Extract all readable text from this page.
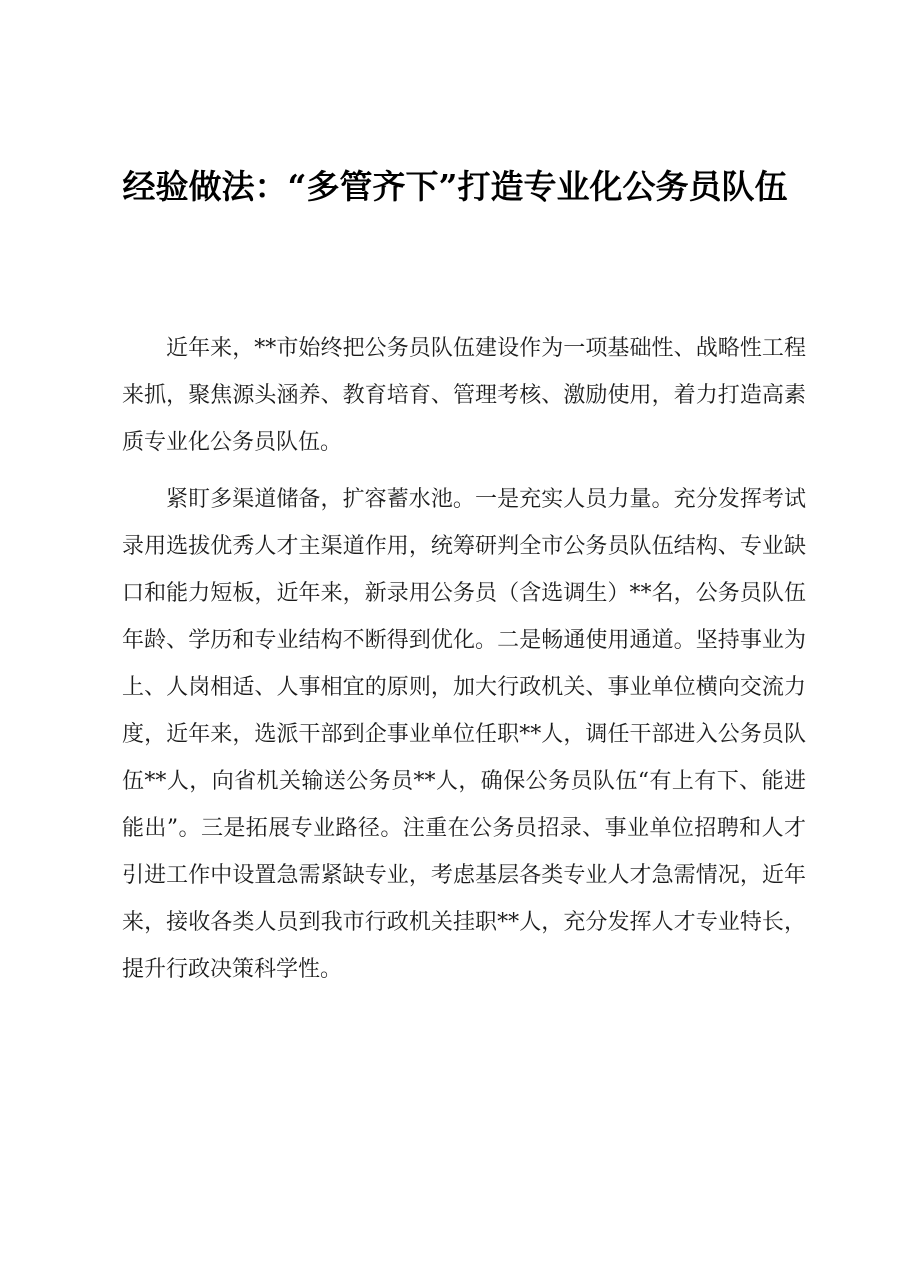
经验做法：“多管齐下”打造专业化公务员队伍

近年来，**市始终把公务员队伍建设作为一项基础性、战略性工程来抓，聚焦源头涵养、教育培育、管理考核、激励使用，着力打造高素质专业化公务员队伍。

紧盯多渠道储备，扩容蓄水池。一是充实人员力量。充分发挥考试录用选拔优秀人才主渠道作用，统筹研判全市公务员队伍结构、专业缺口和能力短板，近年来，新录用公务员（含选调生）**名，公务员队伍年龄、学历和专业结构不断得到优化。二是畅通使用通道。坚持事业为上、人岗相适、人事相宜的原则，加大行政机关、事业单位横向交流力度，近年来，选派干部到企事业单位任职**人，调任干部进入公务员队伍**人，向省机关输送公务员**人，确保公务员队伍“有上有下、能进能出”。三是拓展专业路径。注重在公务员招录、事业单位招聘和人才引进工作中设置急需紧缺专业，考虑基层各类专业人才急需情况，近年来，接收各类人员到我市行政机关挂职**人，充分发挥人才专业特长，提升行政决策科学性。
